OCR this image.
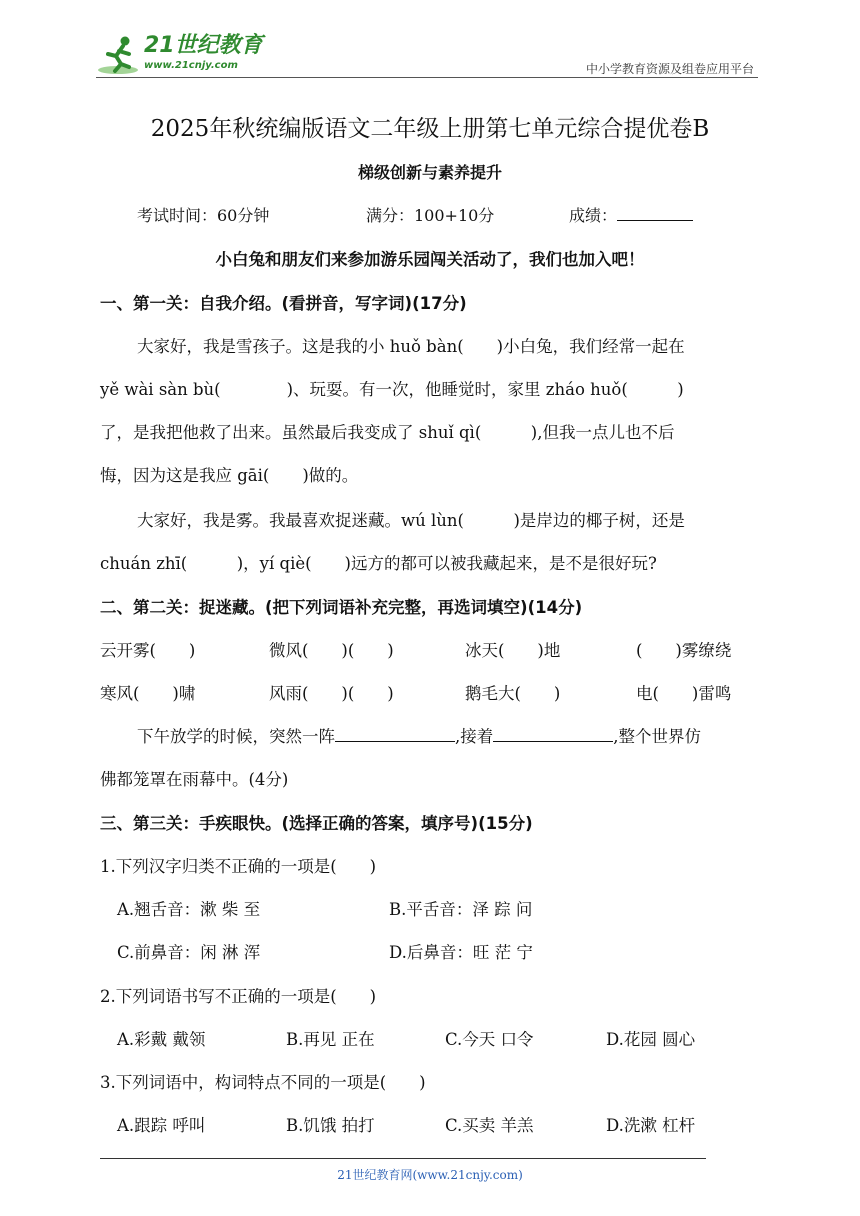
21世纪教育
www.21cnjy.com	中小学教育资源及组卷应用平台
2025年秋统编版语文二年级上册第七单元综合提优卷B
梯级创新与素养提升
考试时间：60分钟	满分：100+10分	成绩：
小白兔和朋友们来参加游乐园闯关活动了，我们也加入吧！
一、第一关：自我介绍。(看拼音，写字词)(17分)
大家好，我是雪孩子。这是我的小 huǒ bàn(　　)小白兔，我们经常一起在
yě wài sàn bù(　　　　)、玩耍。有一次，他睡觉时，家里 zháo huǒ(　　　)
了，是我把他救了出来。虽然最后我变成了 shuǐ qì(　　　),但我一点儿也不后
悔，因为这是我应 gāi(　　)做的。
大家好，我是雾。我最喜欢捉迷藏。wú lùn(　　　)是岸边的椰子树，还是
chuán zhī(　　　)，yí qiè(　　)远方的都可以被我藏起来，是不是很好玩?
二、第二关：捉迷藏。(把下列词语补充完整，再选词填空)(14分)
云开雾(　　)	微风(　　)(　　)	冰天(　　)地	(　　)雾缭绕
寒风(　　)啸	风雨(　　)(　　)	鹅毛大(　　)	电(　　)雷鸣
下午放学的时候，突然一阵	,接着	,整个世界仿
佛都笼罩在雨幕中。(4分)
三、第三关：手疾眼快。(选择正确的答案，填序号)(15分)
1.下列汉字归类不正确的一项是(　　)
A.翘舌音：漱 柴 至	B.平舌音：泽 踪 问
C.前鼻音：闲 淋 浑	D.后鼻音：旺 茫 宁
2.下列词语书写不正确的一项是(　　)
A.彩戴 戴领	B.再见 正在	C.今天 口令	D.花园 圆心
3.下列词语中，构词特点不同的一项是(　　)
A.跟踪 呼叫	B.饥饿 拍打	C.买卖 羊羔	D.洗漱 杠杆
21世纪教育网(www.21cnjy.com)
